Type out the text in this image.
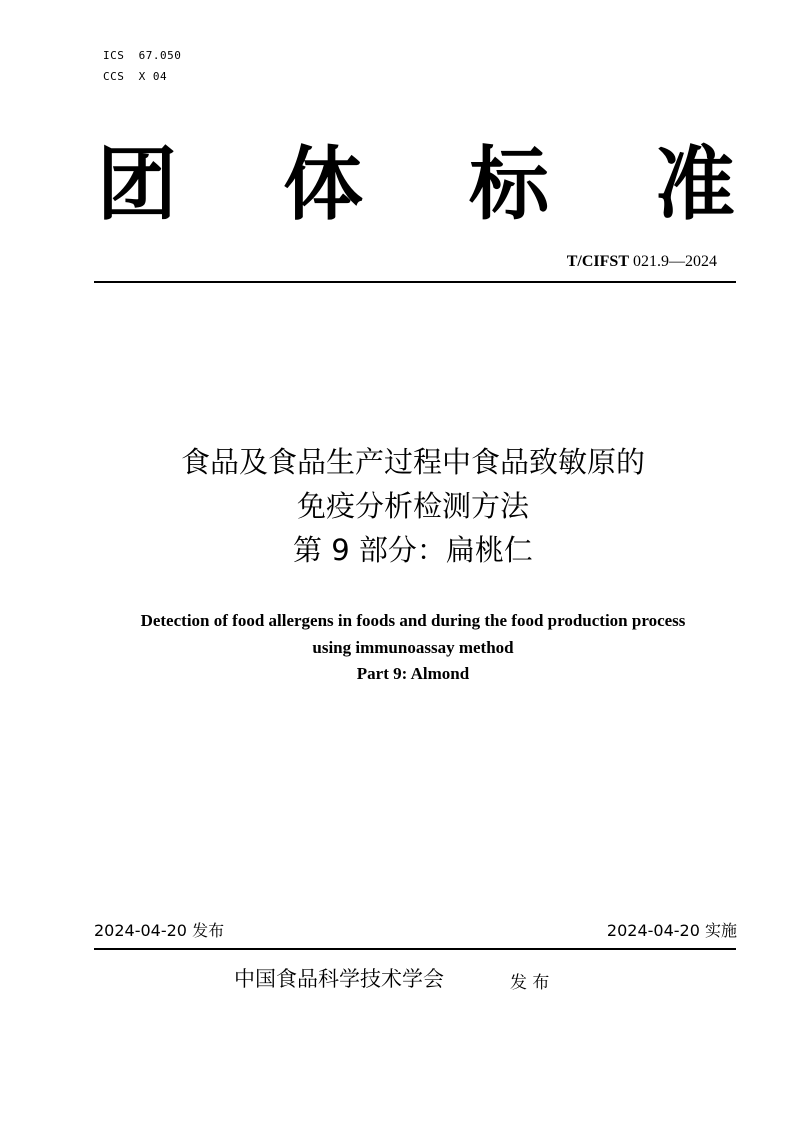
ICS  67.050
CCS  X 04
团 体 标 准
T/CIFST 021.9—2024
食品及食品生产过程中食品致敏原的
免疫分析检测方法
第 9 部分：扁桃仁
Detection of food allergens in foods and during the food production process
using immunoassay method
Part 9: Almond
2024-04-20 发布	2024-04-20 实施
中国食品科学技术学会	发 布
